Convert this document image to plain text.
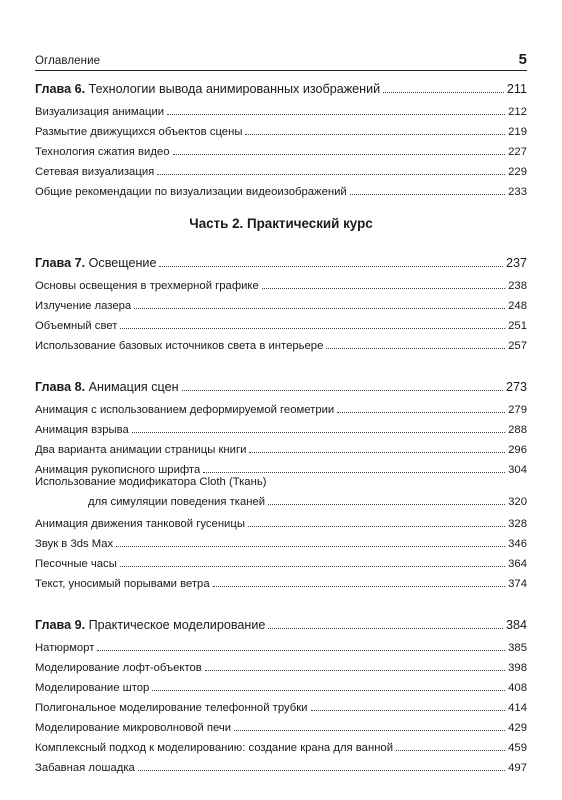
Оглавление	5
Глава 6. Технологии вывода анимированных изображений	211
Визуализация анимации	212
Размытие движущихся объектов сцены	219
Технология сжатия видео	227
Сетевая визуализация	229
Общие рекомендации по визуализации видеоизображений	233
Часть 2. Практический курс
Глава 7. Освещение	237
Основы освещения в трехмерной графике	238
Излучение лазера	248
Объемный свет	251
Использование базовых источников света в интерьере	257
Глава 8. Анимация сцен	273
Анимация с использованием деформируемой геометрии	279
Анимация взрыва	288
Два варианта анимации страницы книги	296
Анимация рукописного шрифта	304
Использование модификатора Cloth (Ткань)
для симуляции поведения тканей	320
Анимация движения танковой гусеницы	328
Звук в 3ds Max	346
Песочные часы	364
Текст, уносимый порывами ветра	374
Глава 9. Практическое моделирование	384
Натюрморт	385
Моделирование лофт-объектов	398
Моделирование штор	408
Полигональное моделирование телефонной трубки	414
Моделирование микроволновой печи	429
Комплексный подход к моделированию: создание крана для ванной	459
Забавная лошадка	497
